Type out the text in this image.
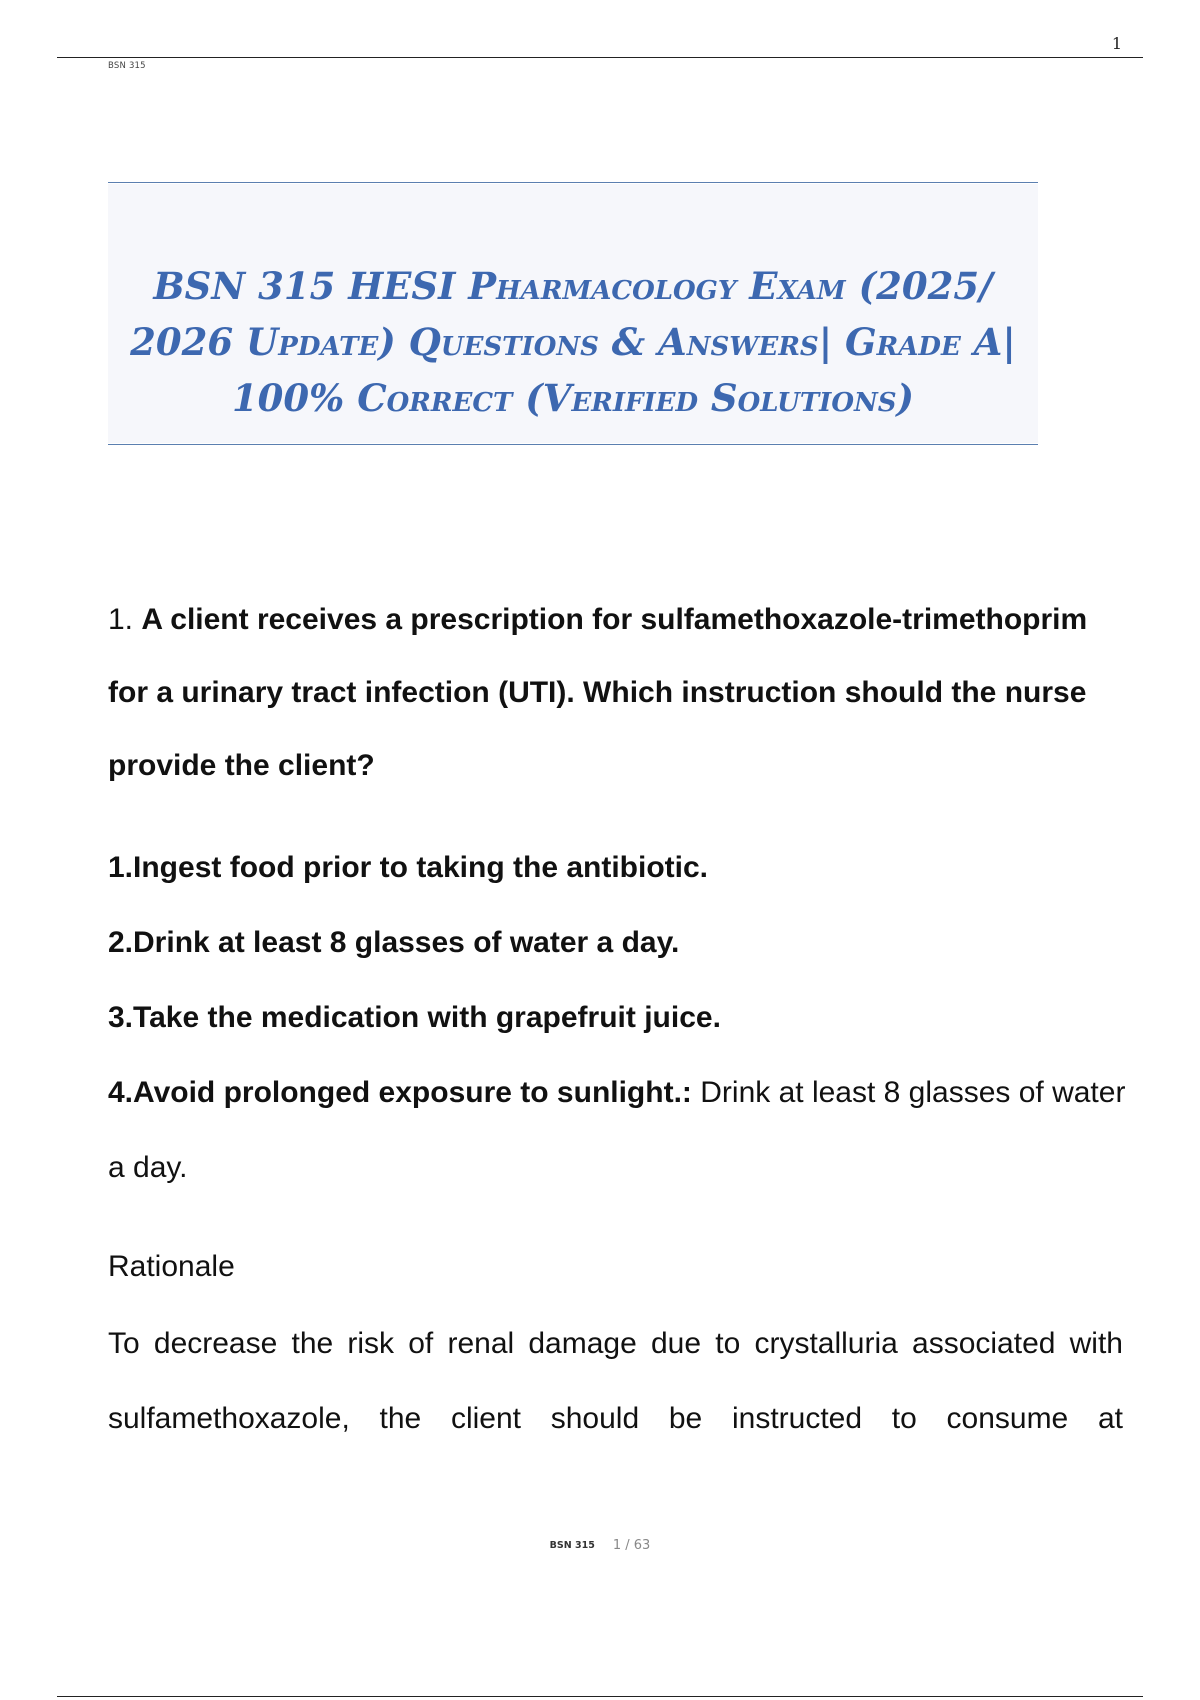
1
BSN 315
BSN 315 HESI Pharmacology Exam (2025/
2026 Update) Questions & Answers| Grade A|
100% Correct (Verified Solutions)

1. A client receives a prescription for sulfamethoxazole-trimethoprim for a urinary tract infection (UTI). Which instruction should the nurse provide the client?

1.Ingest food prior to taking the antibiotic.
2.Drink at least 8 glasses of water a day.
3.Take the medication with grapefruit juice.
4.Avoid prolonged exposure to sunlight.: Drink at least 8 glasses of water a day.

Rationale

To decrease the risk of renal damage due to crystalluria associated with sulfamethoxazole, the client should be instructed to consume at

BSN 315 1 / 63
